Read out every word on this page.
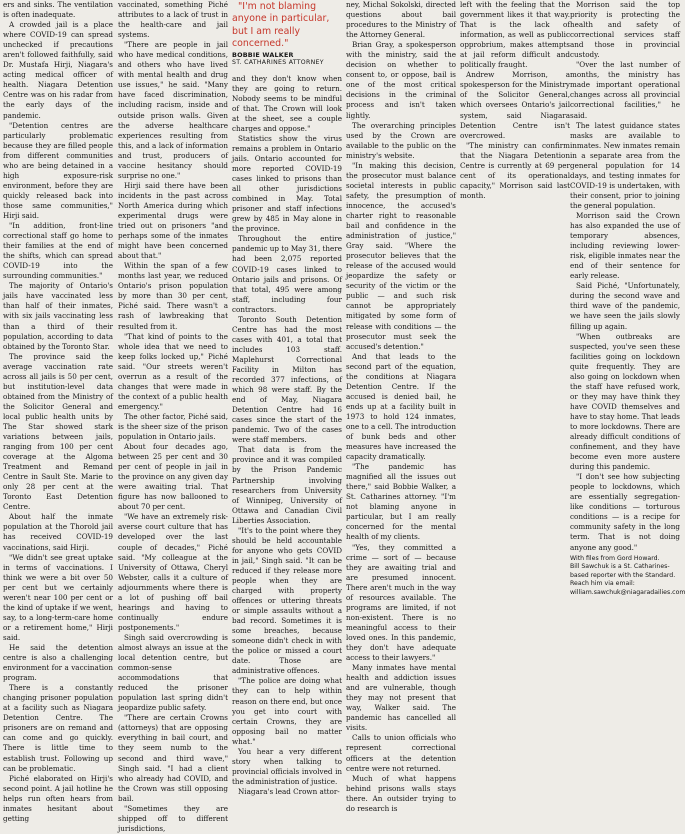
ers and sinks. The ventilation is often inadequate.

A crowded jail is a place where COVID-19 can spread unchecked if precautions aren't followed faithfully, said Dr. Mustafa Hirji, Niagara's acting medical officer of health. Niagara Detention Centre was on his radar from the early days of the pandemic.

"Detention centres are particularly problematic because they are filled people from different communities who are being detained in a high exposure-risk environment, before they are quickly released back into those same communities," Hirji said.

"In addition, front-line correctional staff go home to their families at the end of the shifts, which can spread COVID-19 into the surrounding communities."

The majority of Ontario's jails have vaccinated less than half of their inmates, with six jails vaccinating less than a third of their population, according to data obtained by the Toronto Star.

The province said the average vaccination rate across all jails is 50 per cent, but institution-level data obtained from the Ministry of the Solicitor General and local public health units by The Star showed stark variations between jails, ranging from 100 per cent coverage at the Algoma Treatment and Remand Centre in Sault Ste. Marie to only 28 per cent at the Toronto East Detention Centre.

About half the inmate population at the Thorold jail has received COVID-19 vaccinations, said Hirji.

"We didn't see great uptake in terms of vaccinations. I think we were a bit over 50 per cent but we certainly weren't near 100 per cent or the kind of uptake if we went, say, to a long-term-care home or a retirement home," Hirji said.

He said the detention centre is also a challenging environment for a vaccination program.

There is a constantly changing prisoner population at a facility such as Niagara Detention Centre. The prisoners are on remand and can come and go quickly. There is little time to establish trust. Following up can be problematic.

Piché elaborated on Hirji's second point. A jail hotline he helps run often hears from inmates hesitant about getting

vaccinated, something Piché attributes to a lack of trust in the health-care and jail systems.

"There are people in jail who have medical conditions, and others who have lived with mental health and drug use issues," he said. "Many have faced discrimination, including racism, inside and outside prison walls. Given the adverse healthcare experiences resulting from this, and a lack of information and trust, producers of vaccine hesitancy should surprise no one."

Hirji said there have been incidents in the past across North America during which experimental drugs were tried out on prisoners "and perhaps some of the inmates might have been concerned about that."

Within the span of a few months last year, we reduced Ontario's prison population by more than 30 per cent, Piché said. There wasn't a rash of lawbreaking that resulted from it.

"That kind of points to the whole idea that we need to keep folks locked up," Piché said. "Our streets weren't overrun as a result of the changes that were made in the context of a public health emergency."

The other factor, Piché said, is the sheer size of the prison population in Ontario jails.

About four decades ago, between 25 per cent and 30 per cent of people in jail in the province on any given day were awaiting trial. That figure has now ballooned to about 70 per cent.

"We have an extremely risk-averse court culture that has developed over the last couple of decades," Piché said. "My colleague at the University of Ottawa, Cheryl Webster, calls it a culture of adjournments where there is a lot of pushing off bail hearings and having to continually endure postponements."

Singh said overcrowding is almost always an issue at the local detention centre, but common-sense accommodations that reduced the prisoner population last spring didn't jeopardize public safety.

"There are certain Crowns (attorneys) that are opposing everything in bail court, and they seem numb to the second and third wave," Singh said. "I had a client who already had COVID, and the Crown was still opposing bail.

"Sometimes they are shipped off to different jurisdictions,

"I'm not blaming anyone in particular, but I am really concerned."

BOBBIE WALKER
ST. CATHARINES ATTORNEY

and they don't know when they are going to return. Nobody seems to be mindful of that. The Crown will look at the sheet, see a couple charges and oppose."

Statistics show the virus remains a problem in Ontario jails. Ontario accounted for more reported COVID-19 cases linked to prisons than all other jurisdictions combined in May. Total prisoner and staff infections grew by 485 in May alone in the province.

Throughout the entire pandemic up to May 31, there had been 2,075 reported COVID-19 cases linked to Ontario jails and prisons. Of that total, 495 were among staff, including four contractors.

Toronto South Detention Centre has had the most cases with 401, a total that includes 103 staff. Maplehurst Correctional Facility in Milton has recorded 377 infections, of which 98 were staff. By the end of May, Niagara Detention Centre had 16 cases since the start of the pandemic. Two of the cases were staff members.

That data is from the province and it was compiled by the Prison Pandemic Partnership involving researchers from University of Winnipeg, University of Ottawa and Canadian Civil Liberties Association.

"It's to the point where they should be held accountable for anyone who gets COVID in jail," Singh said. "It can be reduced if they release more people when they are charged with property offences or uttering threats or simple assaults without a bad record. Sometimes it is some breaches, because someone didn't check in with the police or missed a court date. Those are administrative offences.

"The police are doing what they can to help within reason on there end, but once you get into court with certain Crowns, they are opposing bail no matter what."

You hear a very different story when talking to provincial officials involved in the administration of justice.

Niagara's lead Crown attor-

ney, Michal Sokolski, directed questions about bail procedures to the Ministry of the Attorney General.

Brian Gray, a spokesperson with the ministry, said the decision on whether to consent to, or oppose, bail is one of the most critical decisions in the criminal process and isn't taken lightly.

The overarching principles used by the Crown are available to the public on the ministry's website.

"In making this decision, the prosecutor must balance societal interests in public safety, the presumption of innocence, the accused's charter right to reasonable bail and confidence in the administration of justice," Gray said. "Where the prosecutor believes that the release of the accused would jeopardize the safety or security of the victim or the public — and such risk cannot be appropriately mitigated by some form of release with conditions — the prosecutor must seek the accused's detention."

And that leads to the second part of the equation, the conditions at Niagara Detention Centre. If the accused is denied bail, he ends up at a facility built in 1973 to hold 124 inmates, one to a cell. The introduction of bunk beds and other measures have increased the capacity dramatically.

"The pandemic has magnified all the issues out there," said Bobbie Walker, a St. Catharines attorney. "I'm not blaming anyone in particular, but I am really concerned for the mental health of my clients.

"Yes, they committed a crime — sort of — because they are awaiting trial and are presumed innocent. There aren't much in the way of resources available. The programs are limited, if not non-existent. There is no meaningful access to their loved ones. In this pandemic, they don't have adequate access to their lawyers."

Many inmates have mental health and addiction issues and are vulnerable, though they may not present that way, Walker said. The pandemic has cancelled all visits.

Calls to union officials who represent correctional officers at the detention centre were not returned.

Much of what happens behind prisons walls stays there. An outsider trying to do research is

left with the feeling that the government likes it that way. That is the lack of information, as well as public opprobrium, makes attempts at jail reform difficult and politically fraught.

Andrew Morrison, a spokesperson for the Ministry of the Solicitor General, which oversees Ontario's jail system, said Niagara Detention Centre isn't overcrowed.

"The ministry can confirm that the Niagara Detention Centre is currently at 69 per cent of its operational capacity," Morrison said last month.

Morrison said the top priority is protecting the health and safety of correctional services staff and those in provincial custody.

"Over the last number of months, the ministry has made important operational changes across all provincial correctional facilities," he said.

The latest guidance states masks are available to inmates. New inmates remain in a separate area from the general population for 14 days, and testing inmates for COVID-19 is undertaken, with their consent, prior to joining the general population.

Morrison said the Crown has also expanded the use of temporary absences, including reviewing lower-risk, eligible inmates near the end of their sentence for early release.

Said Piché, "Unfortunately, during the second wave and third wave of the pandemic, we have seen the jails slowly filling up again.

"When outbreaks are suspected, you've seen these facilities going on lockdown quite frequently. They are also going on lockdown when the staff have refused work, or they may have think they have COVID themselves and have to stay home. That leads to more lockdowns. There are already difficult conditions of confinement, and they have become even more austere during this pandemic.

"I don't see how subjecting people to lockdowns, which are essentially segregation-like conditions — torturous conditions — is a recipe for community safety in the long term. That is not doing anyone any good."

With files from Gord Howard.
Bill Sawchuk is a St. Catharines-based reporter with the Standard. Reach him via email: william.sawchuk@niagaradailies.com
